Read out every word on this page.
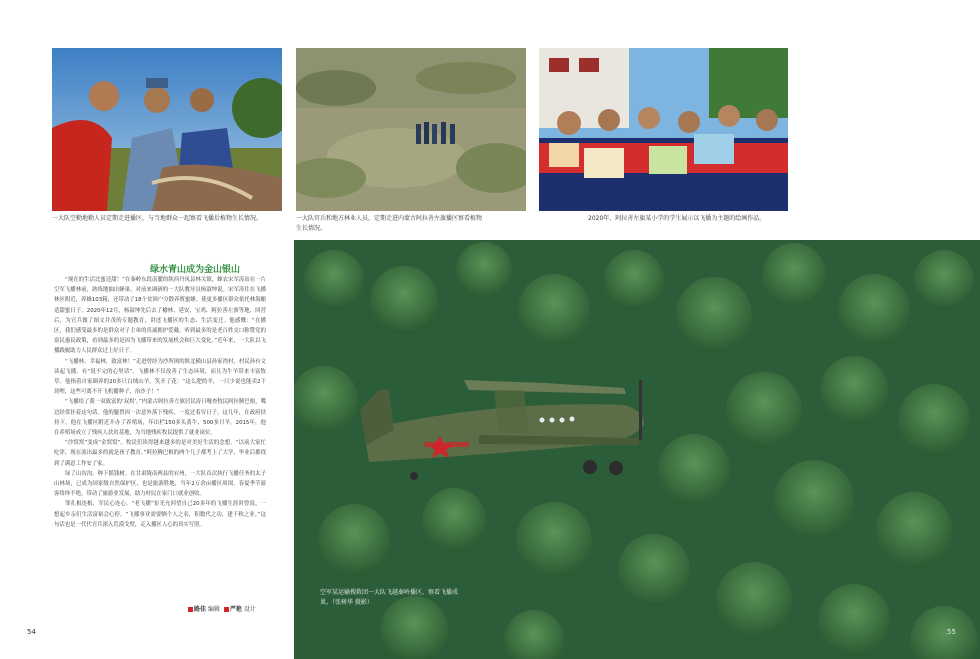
一大队空勤地勤人员定期走进播区，与当地群众一起察看飞播后植物生长情况。	一大队官兵和地方林业人员，定期走进内蒙古阿拉善左旗播区察看植物生长情况。
2020年，阿拉善左旗某小学的学生展示以飞播为主题的绘画作品。
绿水青山成为金山银山

“现在的生活比蜜还甜！”在秦岭东段南麓的陕西丹凤县林关镇，蜂农宋军涛站在一片空军飞播林前，熟练地抽出蜂巢，对前来调研的一大队教导员杨淑坤说。宋军涛往在飞播林区附近，养蜂103箱，还带动了18个贫困户分散养殖蜜蜂，使更多播区群众依托林海酿造甜蜜日子。2020年12月，杨淑坤先后去了榆林、延安、宝鸡、阿拉善左旗等地，回营后，为官兵做了图文并茂的专题教育，讲述飞播区的生态、生活变迁。他感慨：“在播区，我们感受最多的是群众对子主弟的真诚拥护爱戴。听到最多的是老百姓交口称赞党的富民惠民政策，看到最多的是因为飞播带来的发展机会和巨大变化。”近年来，一大队以飞播践履助力人民群众过上好日子。

“飞播林，幸福林，致富林！”走进曾经为沙所困的陕北横山县孙家湾村，村民孙有文谈起飞播，有“说不完的心里话”。飞播林不仅改善了生态环境，而且为牛羊带来丰富牧草。他指着自家圈养的20多只白绒山羊，笑开了花：“这么肥的羊，一只少说也能卖2千块哩，这些可离不开飞机播种子、治沙子！”

“飞播给了我一双致富的‘双拐’。”内蒙古阿拉善左旗居民涛日嘎查牧民阿拉腾巴根，嘴边经常挂着这句话。他的腿曾因一次意外落下残疾，一度过着穷日子。这几年，在政府扶持下，他在飞播区附近开办了养殖场，年出栏150多头黄牛、500多只羊。2015年，他在养殖场成立了残疾人扶贫基地，为当地残疾牧民提供了就业岗位。

“沙窝窝”变成“金窝窝”。牧民们谈得越来越多的是对美好生活的念想。“以前大家忙吃穿，现在流出最多的就是孩子教育。”阿拉腾巴根的两个儿子都考上了大学，毕业后都找到了满意工作安了家。

绿了山沟沟，种下摇钱树。在甘肃陇南两县的宕州，一大队首次执行飞播任务的太子山林场，已成为国家级自然保护区，也是旅游胜地，当年2万余亩播区周围，春夏季节游客络绎不绝，带动了旅游业发展，助力村民在家门口就业创收。

罪孔根连根，军民心连心。“老飞播”崔光允回望自己20多年的飞播生涯时曾说，一想起乡亲们生活富裕会心停。“飞播事业需要牺个人之名，积数代之功，建千秋之业。”这句话也是一代代官兵深入荒漠戈壁，走入播区人心的真实写照。

路佳 编辑 严艳 设计
空军某运输搜救团一大队飞越秦岭播区，察看飞播成果。（张树华 摄影）
54	55
